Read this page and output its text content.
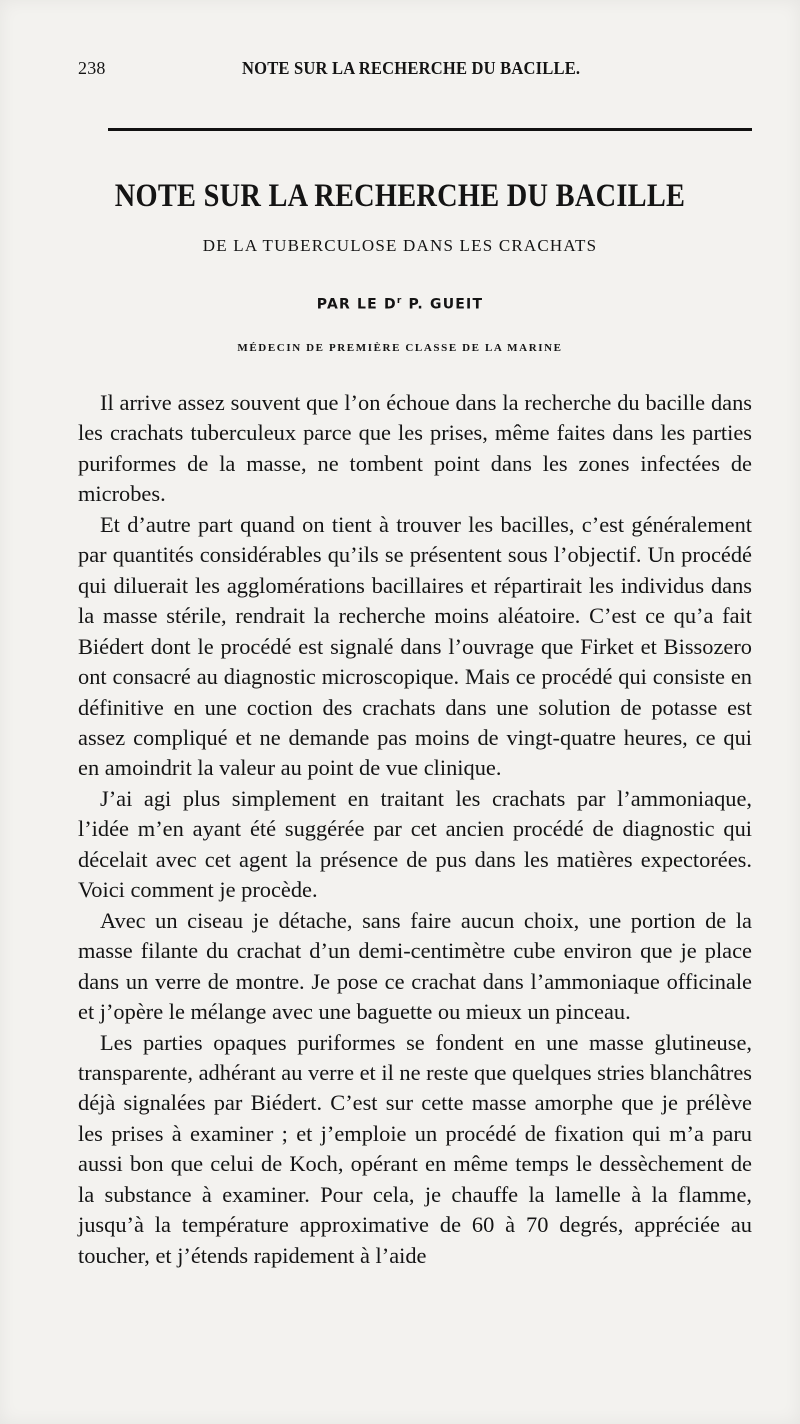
238	NOTE SUR LA RECHERCHE DU BACILLE.
NOTE SUR LA RECHERCHE DU BACILLE
DE LA TUBERCULOSE DANS LES CRACHATS
PAR LE $D^r$ P. GUEIT
MÉDECIN DE PREMIÈRE CLASSE DE LA MARINE

Il arrive assez souvent que l’on échoue dans la recherche du bacille dans les crachats tuberculeux parce que les prises, même faites dans les parties puriformes de la masse, ne tombent point dans les zones infectées de microbes.

Et d’autre part quand on tient à trouver les bacilles, c’est généralement par quantités considérables qu’ils se présentent sous l’objectif. Un procédé qui diluerait les agglomérations bacillaires et répartirait les individus dans la masse stérile, rendrait la recherche moins aléatoire. C’est ce qu’a fait Biédert dont le procédé est signalé dans l’ouvrage que Firket et Bissozero ont consacré au diagnostic microscopique. Mais ce procédé qui consiste en définitive en une coction des crachats dans une solution de potasse est assez compliqué et ne demande pas moins de vingt-quatre heures, ce qui en amoindrit la valeur au point de vue clinique.

J’ai agi plus simplement en traitant les crachats par l’ammoniaque, l’idée m’en ayant été suggérée par cet ancien procédé de diagnostic qui décelait avec cet agent la présence de pus dans les matières expectorées. Voici comment je procède.

Avec un ciseau je détache, sans faire aucun choix, une portion de la masse filante du crachat d’un demi-centimètre cube environ que je place dans un verre de montre. Je pose ce crachat dans l’ammoniaque officinale et j’opère le mélange avec une baguette ou mieux un pinceau.

Les parties opaques puriformes se fondent en une masse glutineuse, transparente, adhérant au verre et il ne reste que quelques stries blanchâtres déjà signalées par Biédert. C’est sur cette masse amorphe que je prélève les prises à examiner ; et j’emploie un procédé de fixation qui m’a paru aussi bon que celui de Koch, opérant en même temps le dessèchement de la substance à examiner. Pour cela, je chauffe la lamelle à la flamme, jusqu’à la température approximative de 60 à 70 degrés, appréciée au toucher, et j’étends rapidement à l’aide
